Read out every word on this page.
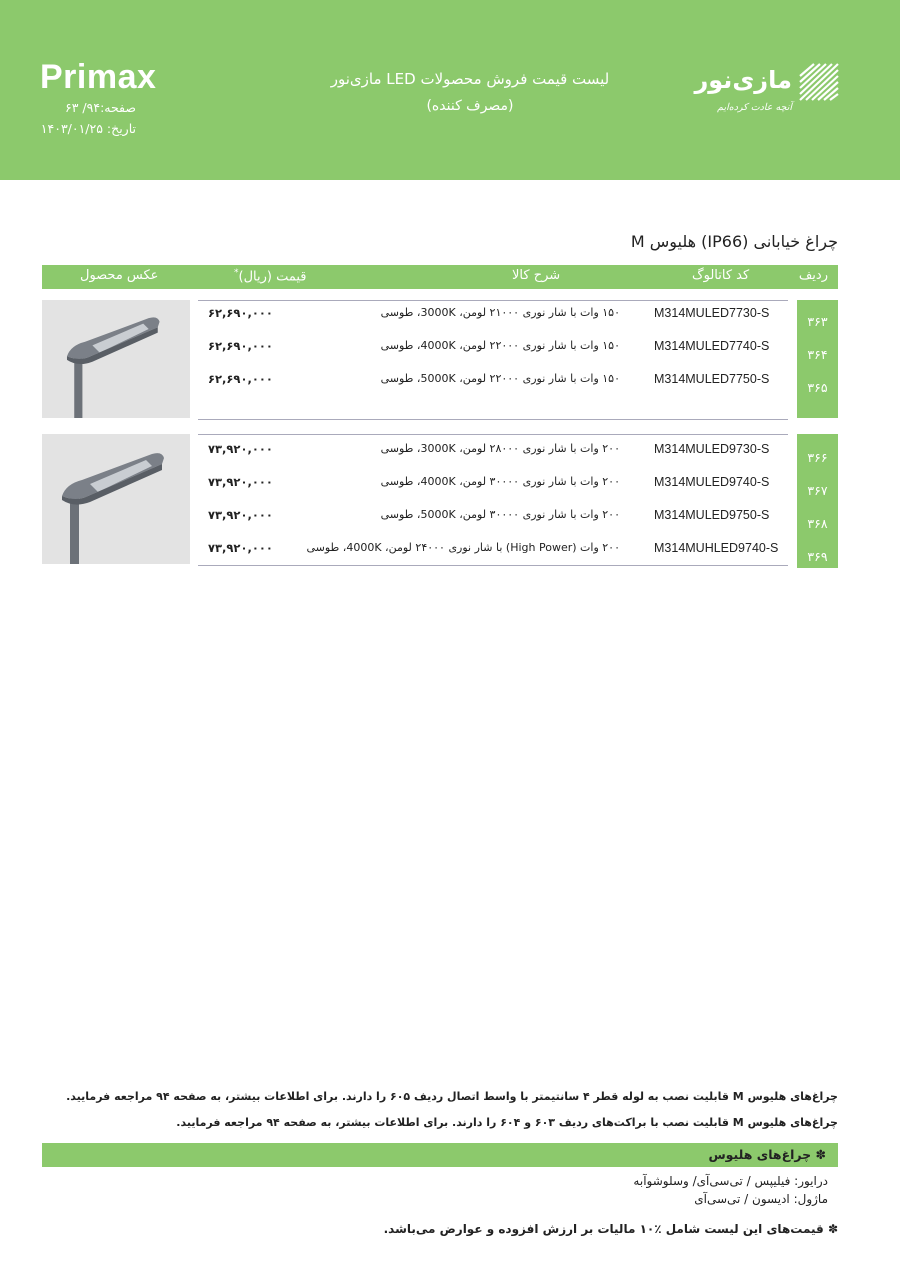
Primax
صفحه:۹۴/ ۶۳
تاریخ: ۱۴۰۳/۰۱/۲۵
لیست قیمت فروش محصولات LED مازی‌نور
(مصرف کننده)
مازی‌نور
آنچه عادت کرده‌ایم
چراغ خیابانی (IP66) هلیوس M
ردیف
کد کاتالوگ
شرح کالا
قیمت (ریال)*
عکس محصول
۳۶۳
M314MULED7730-S
۱۵۰ وات با شار نوری ۲۱۰۰۰ لومن، 3000K، طوسی
۶۲,۶۹۰,۰۰۰
۳۶۴
M314MULED7740-S
۱۵۰ وات با شار نوری ۲۲۰۰۰ لومن، 4000K، طوسی
۶۲,۶۹۰,۰۰۰
۳۶۵
M314MULED7750-S
۱۵۰ وات با شار نوری ۲۲۰۰۰ لومن، 5000K، طوسی
۶۲,۶۹۰,۰۰۰
۳۶۶
M314MULED9730-S
۲۰۰ وات با شار نوری ۲۸۰۰۰ لومن، 3000K، طوسی
۷۳,۹۲۰,۰۰۰
۳۶۷
M314MULED9740-S
۲۰۰ وات با شار نوری ۳۰۰۰۰ لومن، 4000K، طوسی
۷۳,۹۲۰,۰۰۰
۳۶۸
M314MULED9750-S
۲۰۰ وات با شار نوری ۳۰۰۰۰ لومن، 5000K، طوسی
۷۳,۹۲۰,۰۰۰
۳۶۹
M314MUHLED9740-S
۲۰۰ وات (High Power) با شار نوری ۲۴۰۰۰ لومن، 4000K، طوسی
۷۳,۹۲۰,۰۰۰
چراغ‌های هلیوس M قابلیت نصب به لوله قطر ۴ سانتیمتر با واسط اتصال ردیف ۶۰۵ را دارند. برای اطلاعات بیشتر، به صفحه ۹۴ مراجعه فرمایید.
چراغ‌های هلیوس M قابلیت نصب با براکت‌های ردیف ۶۰۳ و ۶۰۴ را دارند. برای اطلاعات بیشتر، به صفحه ۹۴ مراجعه فرمایید.
✽ چراغ‌های هلیوس
درایور: فیلیپس / تی‌سی‌آی/ وسلوشوآبه
ماژول: ادیسون / تی‌سی‌آی
✽ قیمت‌های این لیست شامل ٪۱۰ مالیات بر ارزش افزوده و عوارض می‌باشد.
